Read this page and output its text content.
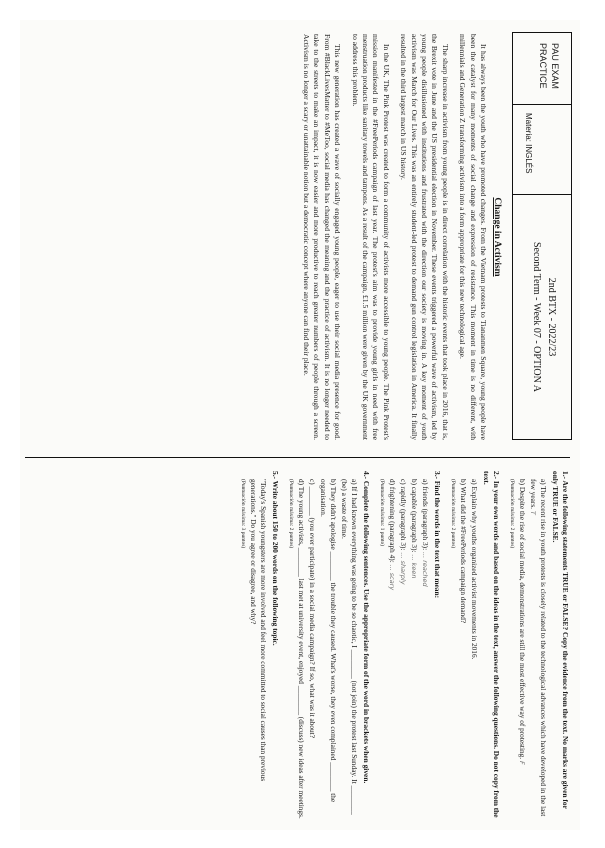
PAU EXAM
PRACTICE
Materia: INGLÉS
2nd BTX - 2022/23
Second Term - Week 07 - OPTION A
Change in Activism

It has always been the youth who have promoted changes. From the Vietnam protests to Tiananmen Square, young people have been the catalyst for many moments of social change and expression of resistance. This moment in time is no different, with millennials and Generation Z transforming activism into a form appropriate for this new technological age.

The sharp increase in activism from young people is in direct correlation with the historic events that took place in 2016, that is, the Brexit vote in June and the US presidential election in November. These events triggered a powerful wave of activism, led by young people disillusioned with institutions and frustrated with the direction our society is moving in. A key moment of youth activism was March for Our Lives. This was an entirely student-led protest to demand gun control legislation in America. It finally resulted in the third largest march in US history.

In the UK, The Pink Protest was created to form a community of activists more accessible to young people. The Pink Protest's mission manifested in the #FreePeriods campaign of last year. The protest's aim was to provide young girls in need with free menstruation products like sanitary towels and tampons. As a result of the campaign, £1.5 million were given by the UK government to address this problem.

This new generation has created a wave of socially engaged young people, eager to use their social media presence for good. From #BlackLivesMatter to #MeToo, social media has changed the meaning and the practice of activism. It is no longer needed to take to the streets to make an impact, it is now easier and more productive to reach greater numbers of people through a screen. Activism is no longer a scary or unattainable notion but a democratic concept where anyone can find their place.

1.- Are the following statements TRUE or FALSE? Copy the evidence from the text. No marks are given for only TRUE or FALSE.

a) The recent rise in youth protests is closely related to the technological advances which have developed in the last few years. T

b) Despite the rise of social media, demonstrations are still the most effective way of protesting. F

(Puntuación máxima: 2 puntos)

2.- In your own words and based on the ideas in the text, answer the following questions. Do not copy from the text.

a) Explain why youths organized activist movements in 2016.

b) What did the #FreePeriods campaign demand?

(Puntuación máxima: 2 puntos)

3.- Find the words in the text that mean:

a) friends (paragraph 3): ... reached

b) capable (paragraph 3): ... keen

c) rapidly (paragraph 3): ... sharply

d) frightening (paragraph 4): ... scary

(Puntuación máxima: 1 punto)

4.- Complete the following sentences. Use the appropriate form of the word in brackets when given.

a) If I had known everything was going to be so chaotic, I ________ (not join) the protest last Sunday. It ________ (be) a waste of time.

b) They didn't apologise ________ the trouble they caused. What's worse, they even complained ________ the organisation.

c) ________ (you ever participate) in a social media campaign? If so, what was it about?

d) The young activists, ________ last met at university event, enjoyed ________ (discuss) new ideas after meetings.

(Puntuación máxima: 2 puntos)

5.- Write about 150 to 200 words on the following topic.

"Today's Spanish youngsters are more involved and feel more committed to social causes than previous generations." Do you agree or disagree, and why?

(Puntuación máxima: 3 puntos)
